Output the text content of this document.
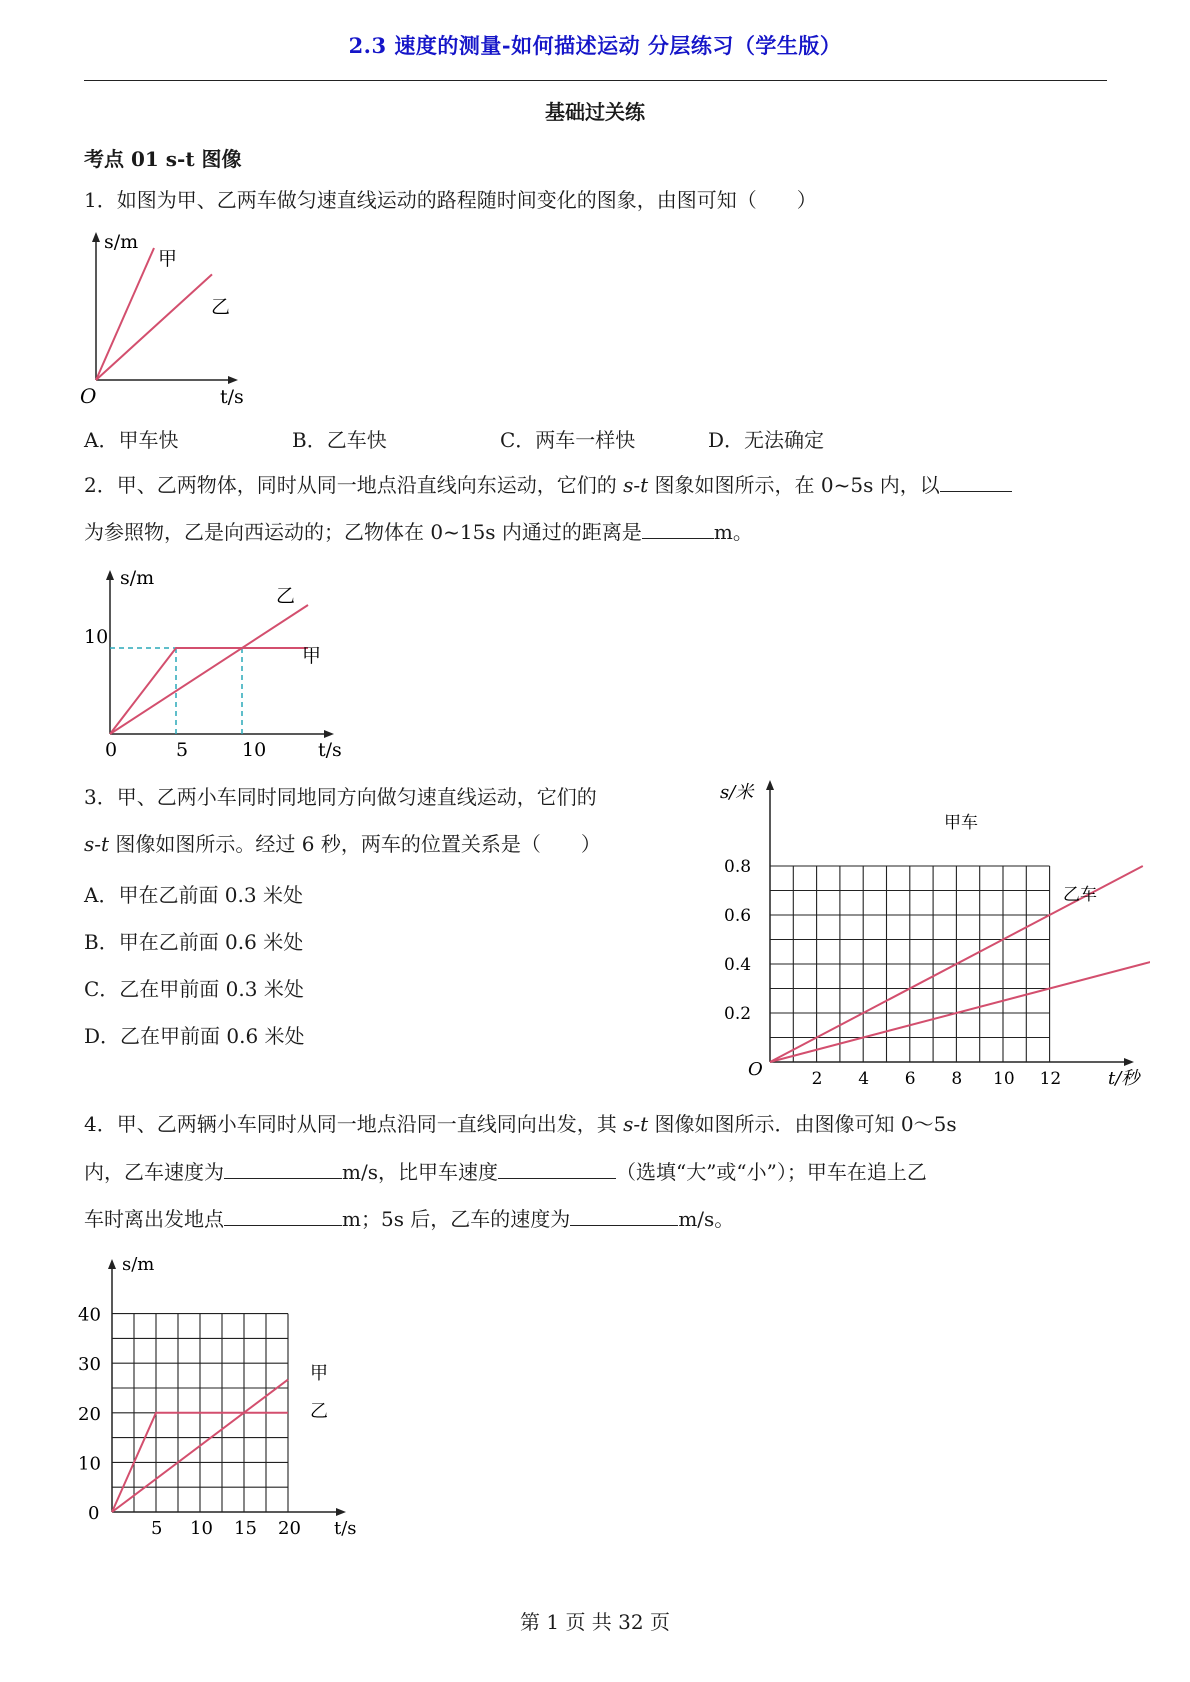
2.3 速度的测量-如何描述运动 分层练习（学生版）
基础过关练
考点 01 s-t 图像
1．如图为甲、乙两车做匀速直线运动的路程随时间变化的图象，由图可知（　　）
s/m
O	t/s
甲
乙
A．甲车快	B．乙车快	C．两车一样快	D．无法确定
2．甲、乙两物体，同时从同一地点沿直线向东运动，它们的 s-t 图象如图所示，在 0~5s 内，以
为参照物，乙是向西运动的；乙物体在 0~15s 内通过的距离是	m。
s/m
10
0	5	10	t/s
乙
甲
3．甲、乙两小车同时同地同方向做匀速直线运动，它们的
s-t 图像如图所示。经过 6 秒，两车的位置关系是（　　）
A．甲在乙前面 0.3 米处
B．甲在乙前面 0.6 米处
C．乙在甲前面 0.3 米处
D．乙在甲前面 0.6 米处
s/米
O	t/秒
0.2
0.4
0.6
0.8
2 4 6 8 10 12
甲车
乙车
4．甲、乙两辆小车同时从同一地点沿同一直线同向出发，其 s-t 图像如图所示．由图像可知 0～5s
内，乙车速度为	m/s，比甲车速度	（选填“大”或“小”）；甲车在追上乙
车时离出发地点	m；5s 后，乙车的速度为	m/s。
s/m
0
10
20
30
40
5 10 15 20 t/s
甲
乙
第 1 页 共 32 页
